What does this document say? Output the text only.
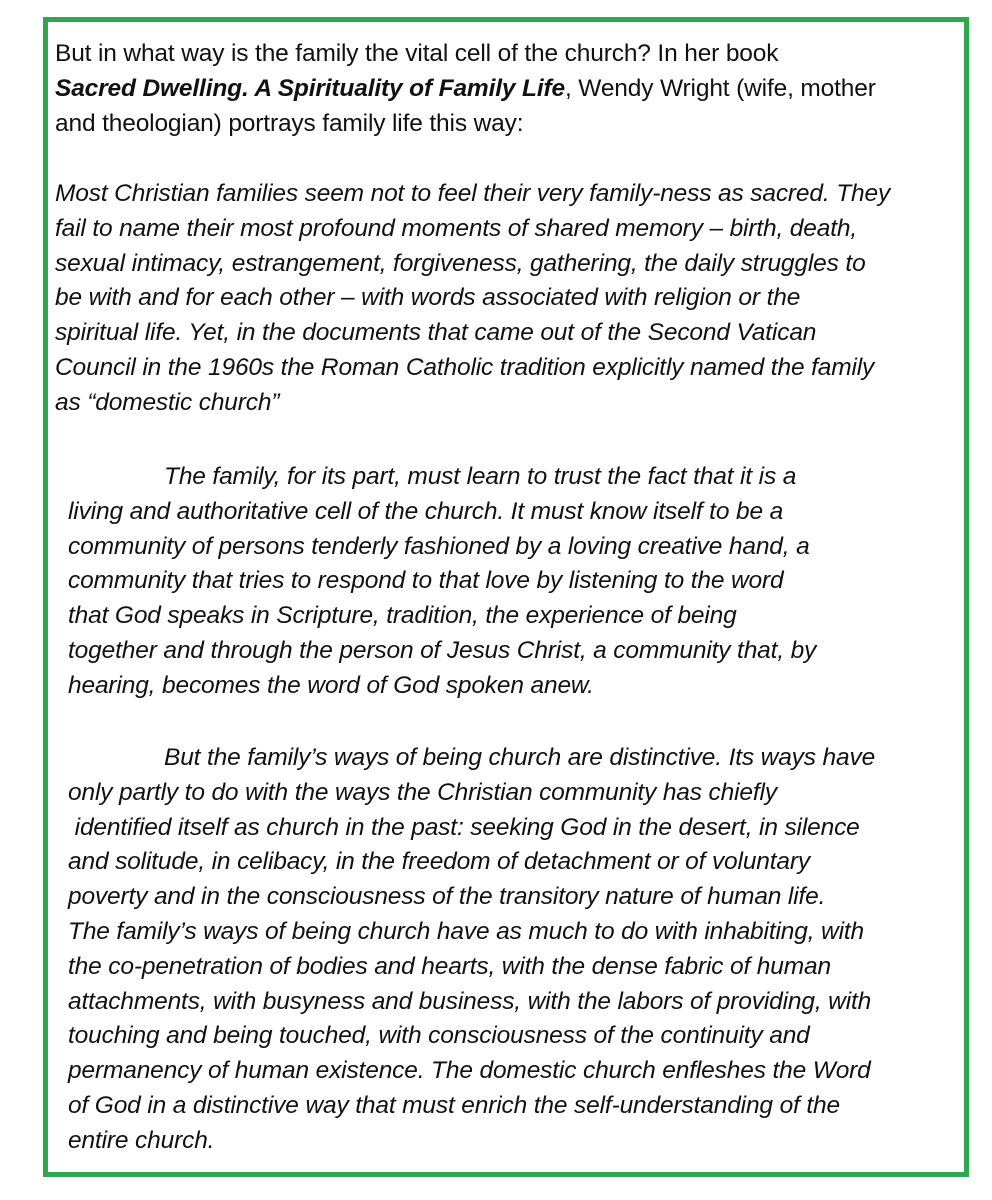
But in what way is the family the vital cell of the church? In her book
Sacred Dwelling. A Spirituality of Family Life, Wendy Wright (wife, mother
and theologian) portrays family life this way:

Most Christian families seem not to feel their very family-ness as sacred. They
fail to name their most profound moments of shared memory – birth, death,
sexual intimacy, estrangement, forgiveness, gathering, the daily struggles to
be with and for each other – with words associated with religion or the
spiritual life. Yet, in the documents that came out of the Second Vatican
Council in the 1960s the Roman Catholic tradition explicitly named the family
as “domestic church”

The family, for its part, must learn to trust the fact that it is a
living and authoritative cell of the church. It must know itself to be a
community of persons tenderly fashioned by a loving creative hand, a
community that tries to respond to that love by listening to the word
that God speaks in Scripture, tradition, the experience of being
together and through the person of Jesus Christ, a community that, by
hearing, becomes the word of God spoken anew.

But the family’s ways of being church are distinctive. Its ways have
only partly to do with the ways the Christian community has chiefly
identified itself as church in the past: seeking God in the desert, in silence
and solitude, in celibacy, in the freedom of detachment or of voluntary
poverty and in the consciousness of the transitory nature of human life.
The family’s ways of being church have as much to do with inhabiting, with
the co-penetration of bodies and hearts, with the dense fabric of human
attachments, with busyness and business, with the labors of providing, with
touching and being touched, with consciousness of the continuity and
permanency of human existence. The domestic church enfleshes the Word
of God in a distinctive way that must enrich the self-understanding of the
entire church.
